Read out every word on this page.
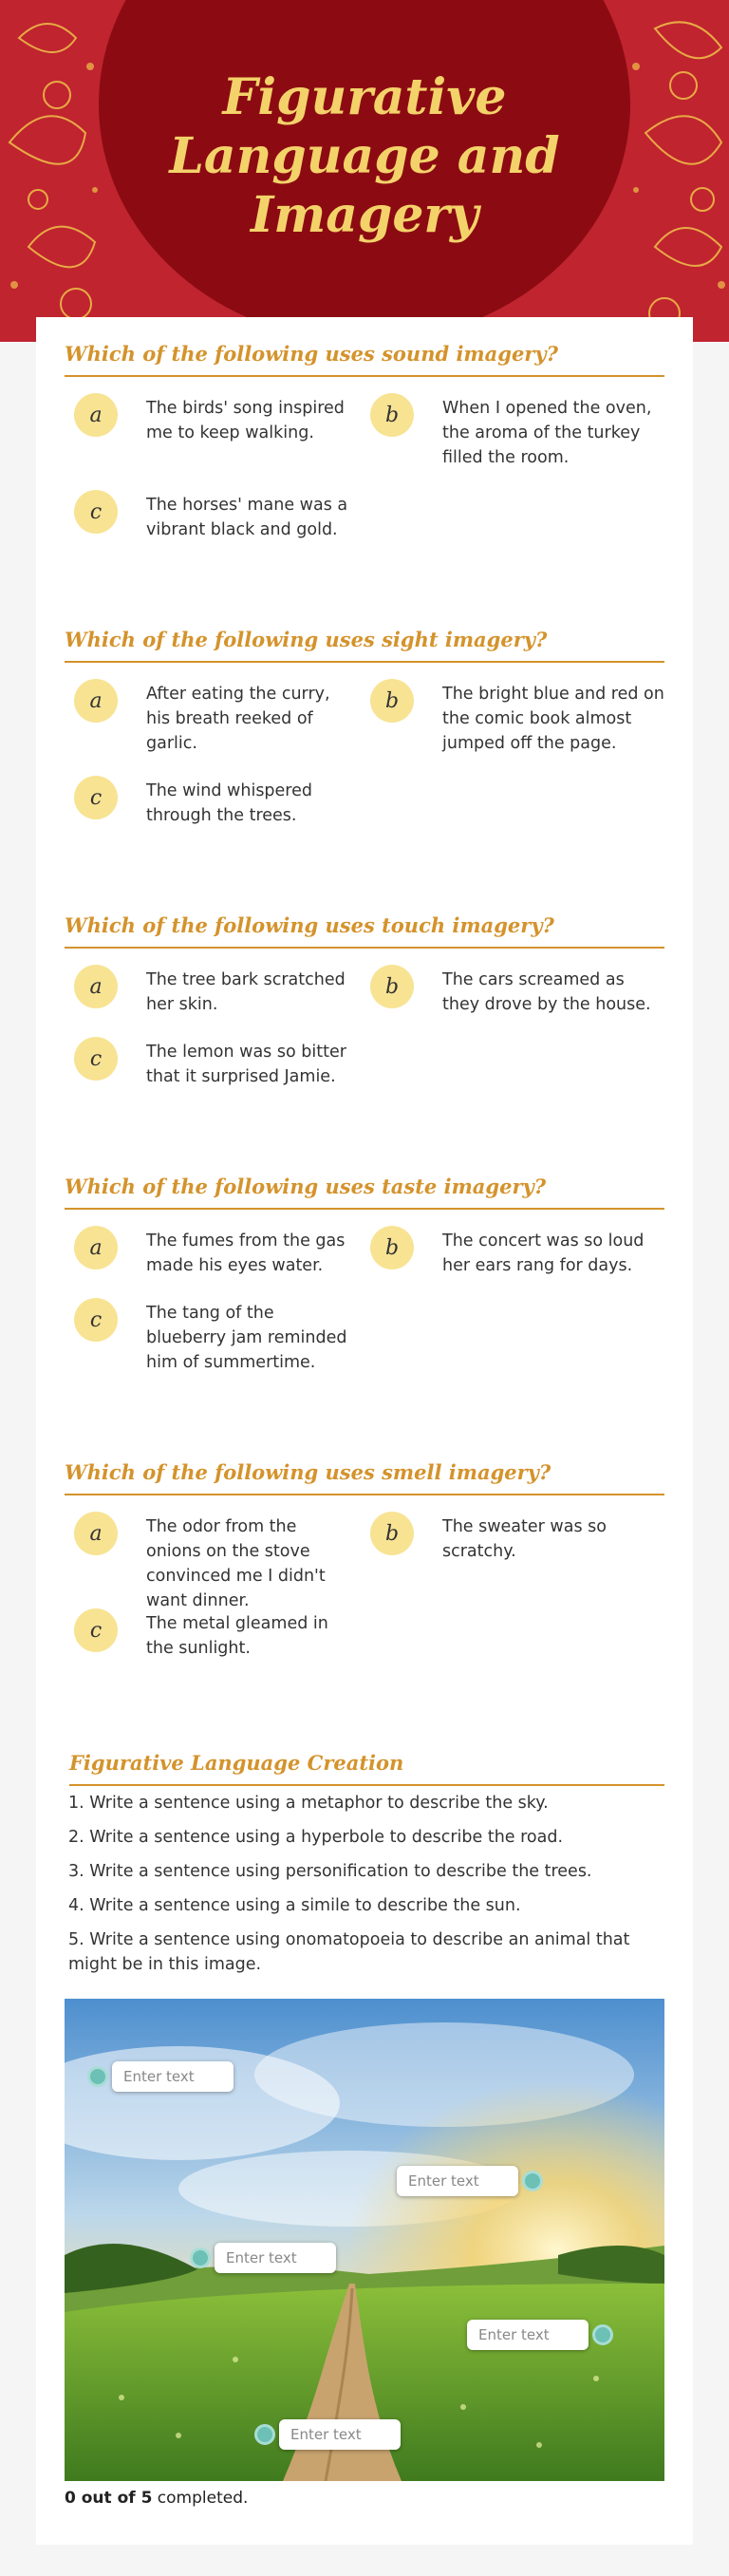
Figurative Language and Imagery
Which of the following uses sound imagery?
a	The birds' song inspired me to keep walking.
b	When I opened the oven, the aroma of the turkey filled the room.
c	The horses' mane was a vibrant black and gold.
Which of the following uses sight imagery?
a	After eating the curry, his breath reeked of garlic.
b	The bright blue and red on the comic book almost jumped off the page.
c	The wind whispered through the trees.
Which of the following uses touch imagery?
a	The tree bark scratched her skin.
b	The cars screamed as they drove by the house.
c	The lemon was so bitter that it surprised Jamie.
Which of the following uses taste imagery?
a	The fumes from the gas made his eyes water.
b	The concert was so loud her ears rang for days.
c	The tang of the blueberry jam reminded him of summertime.
Which of the following uses smell imagery?
a	The odor from the onions on the stove convinced me I didn't want dinner.
b	The sweater was so scratchy.
c	The metal gleamed in the sunlight.
Figurative Language Creation
1. Write a sentence using a metaphor to describe the sky.
2. Write a sentence using a hyperbole to describe the road.
3. Write a sentence using personification to describe the trees.
4. Write a sentence using a simile to describe the sun.
5. Write a sentence using onomatopoeia to describe an animal that might be in this image.
Enter text
Enter text
Enter text
Enter text
Enter text
0 out of 5 completed.
